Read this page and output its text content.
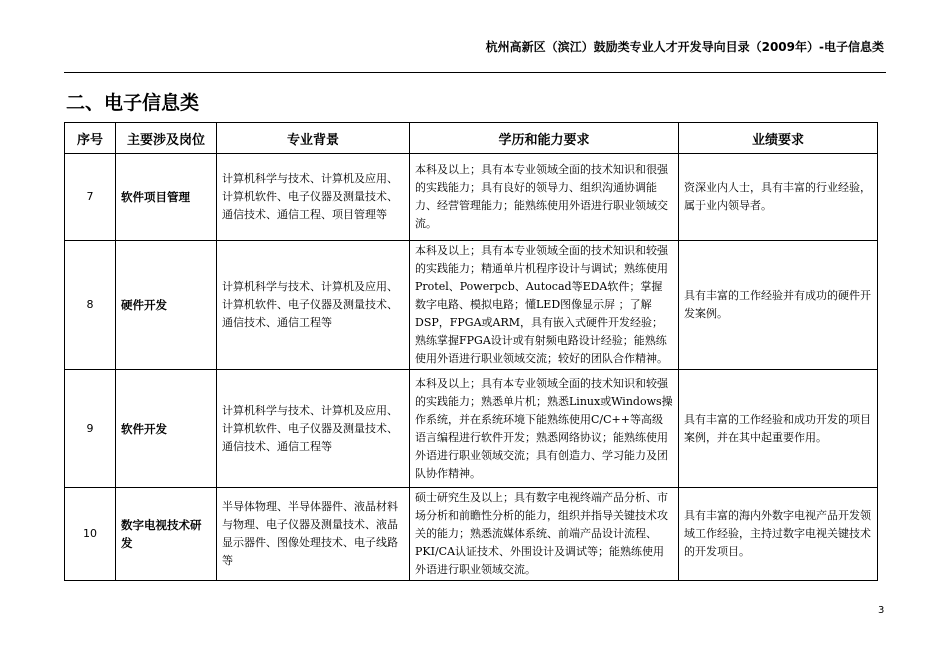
杭州高新区（滨江）鼓励类专业人才开发导向目录（2009年）-电子信息类
二、电子信息类
序号	主要涉及岗位	专业背景	学历和能力要求	业绩要求
7	软件项目管理	计算机科学与技术、计算机及应用、计算机软件、电子仪器及测量技术、通信技术、通信工程、项目管理等	本科及以上；具有本专业领域全面的技术知识和很强的实践能力；具有良好的领导力、组织沟通协调能力、经营管理能力；能熟练使用外语进行职业领域交流。	资深业内人士，具有丰富的行业经验，属于业内领导者。
8	硬件开发	计算机科学与技术、计算机及应用、计算机软件、电子仪器及测量技术、通信技术、通信工程等	本科及以上；具有本专业领域全面的技术知识和较强的实践能力；精通单片机程序设计与调试；熟练使用Protel、Powerpcb、Autocad等EDA软件；掌握数字电路、模拟电路；懂LED图像显示屏 ；了解DSP，FPGA或ARM，具有嵌入式硬件开发经验；熟练掌握FPGA设计或有射频电路设计经验；能熟练使用外语进行职业领域交流；较好的团队合作精神。	具有丰富的工作经验并有成功的硬件开发案例。
9	软件开发	计算机科学与技术、计算机及应用、计算机软件、电子仪器及测量技术、通信技术、通信工程等	本科及以上；具有本专业领域全面的技术知识和较强的实践能力；熟悉单片机；熟悉Linux或Windows操作系统，并在系统环境下能熟练使用C/C++等高级语言编程进行软件开发；熟悉网络协议；能熟练使用外语进行职业领域交流；具有创造力、学习能力及团队协作精神。	具有丰富的工作经验和成功开发的项目案例，并在其中起重要作用。
10	数字电视技术研发	半导体物理、半导体器件、液晶材料与物理、电子仪器及测量技术、液晶显示器件、图像处理技术、电子线路等	硕士研究生及以上；具有数字电视终端产品分析、市场分析和前瞻性分析的能力，组织并指导关键技术攻关的能力；熟悉流媒体系统、前端产品设计流程、PKI/CA认证技术、外围设计及调试等；能熟练使用外语进行职业领域交流。	具有丰富的海内外数字电视产品开发领域工作经验，主持过数字电视关键技术的开发项目。
3
